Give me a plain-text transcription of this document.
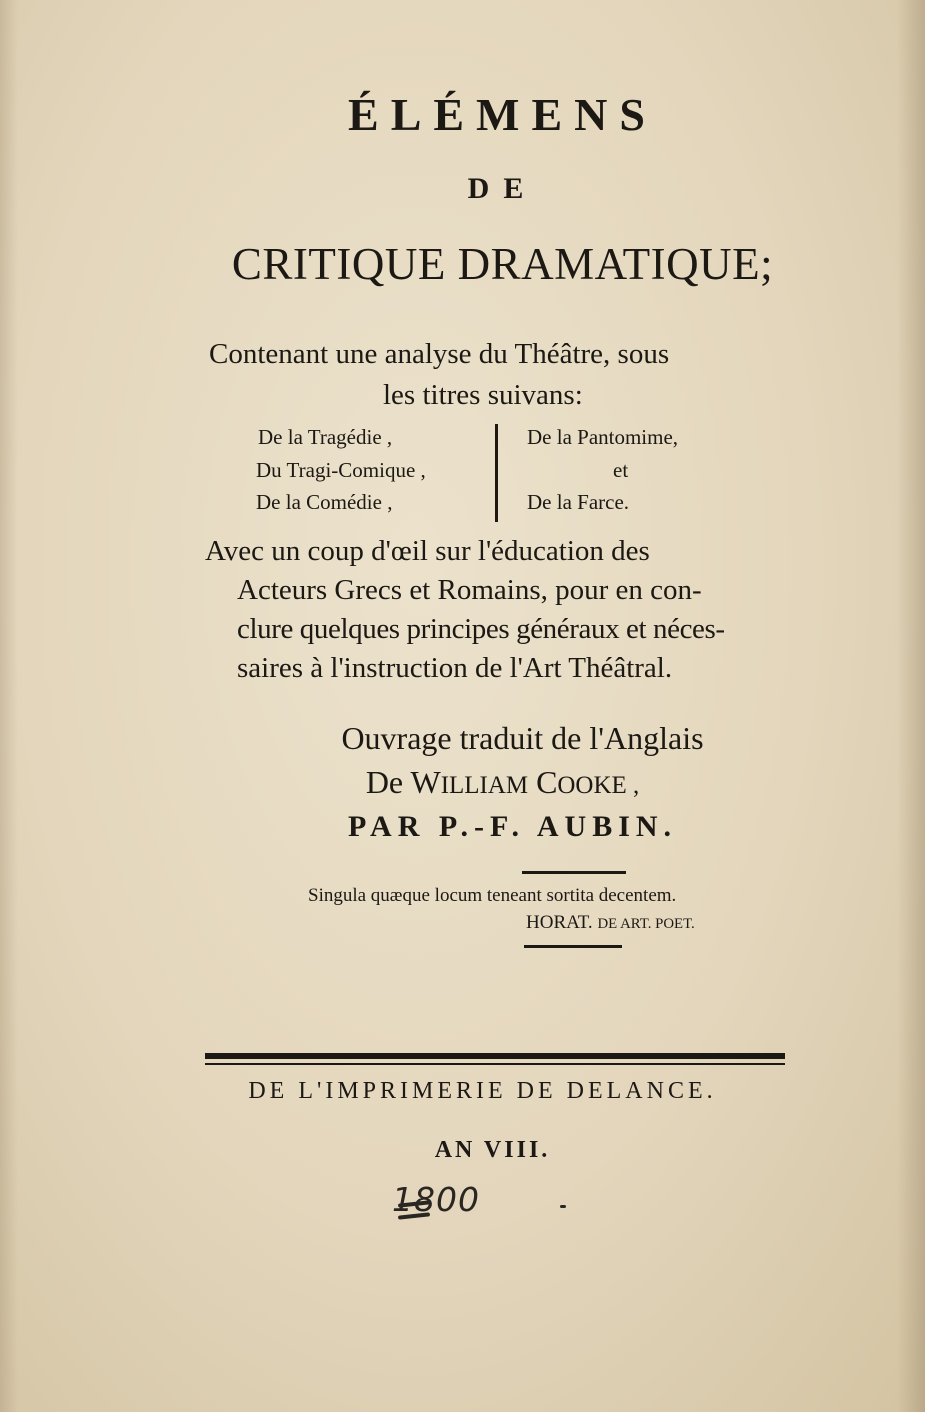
ÉLÉMENS
DE
CRITIQUE DRAMATIQUE;
Contenant une analyse du Théâtre, sous
les titres suivans:
De la Tragédie ,
Du Tragi-Comique ,
De la Comédie ,
De la Pantomime,
et
De la Farce.
Avec un coup d'œil sur l'éducation des
Acteurs Grecs et Romains, pour en con-
clure quelques principes généraux et néces-
saires à l'instruction de l'Art Théâtral.
Ouvrage traduit de l'Anglais
De WILLIAM COOKE ,
PAR P.-F. AUBIN.
Singula quæque locum teneant sortita decentem.
HORAT. DE ART. POET.
DE L'IMPRIMERIE DE DELANCE.
AN VIII.
1800
